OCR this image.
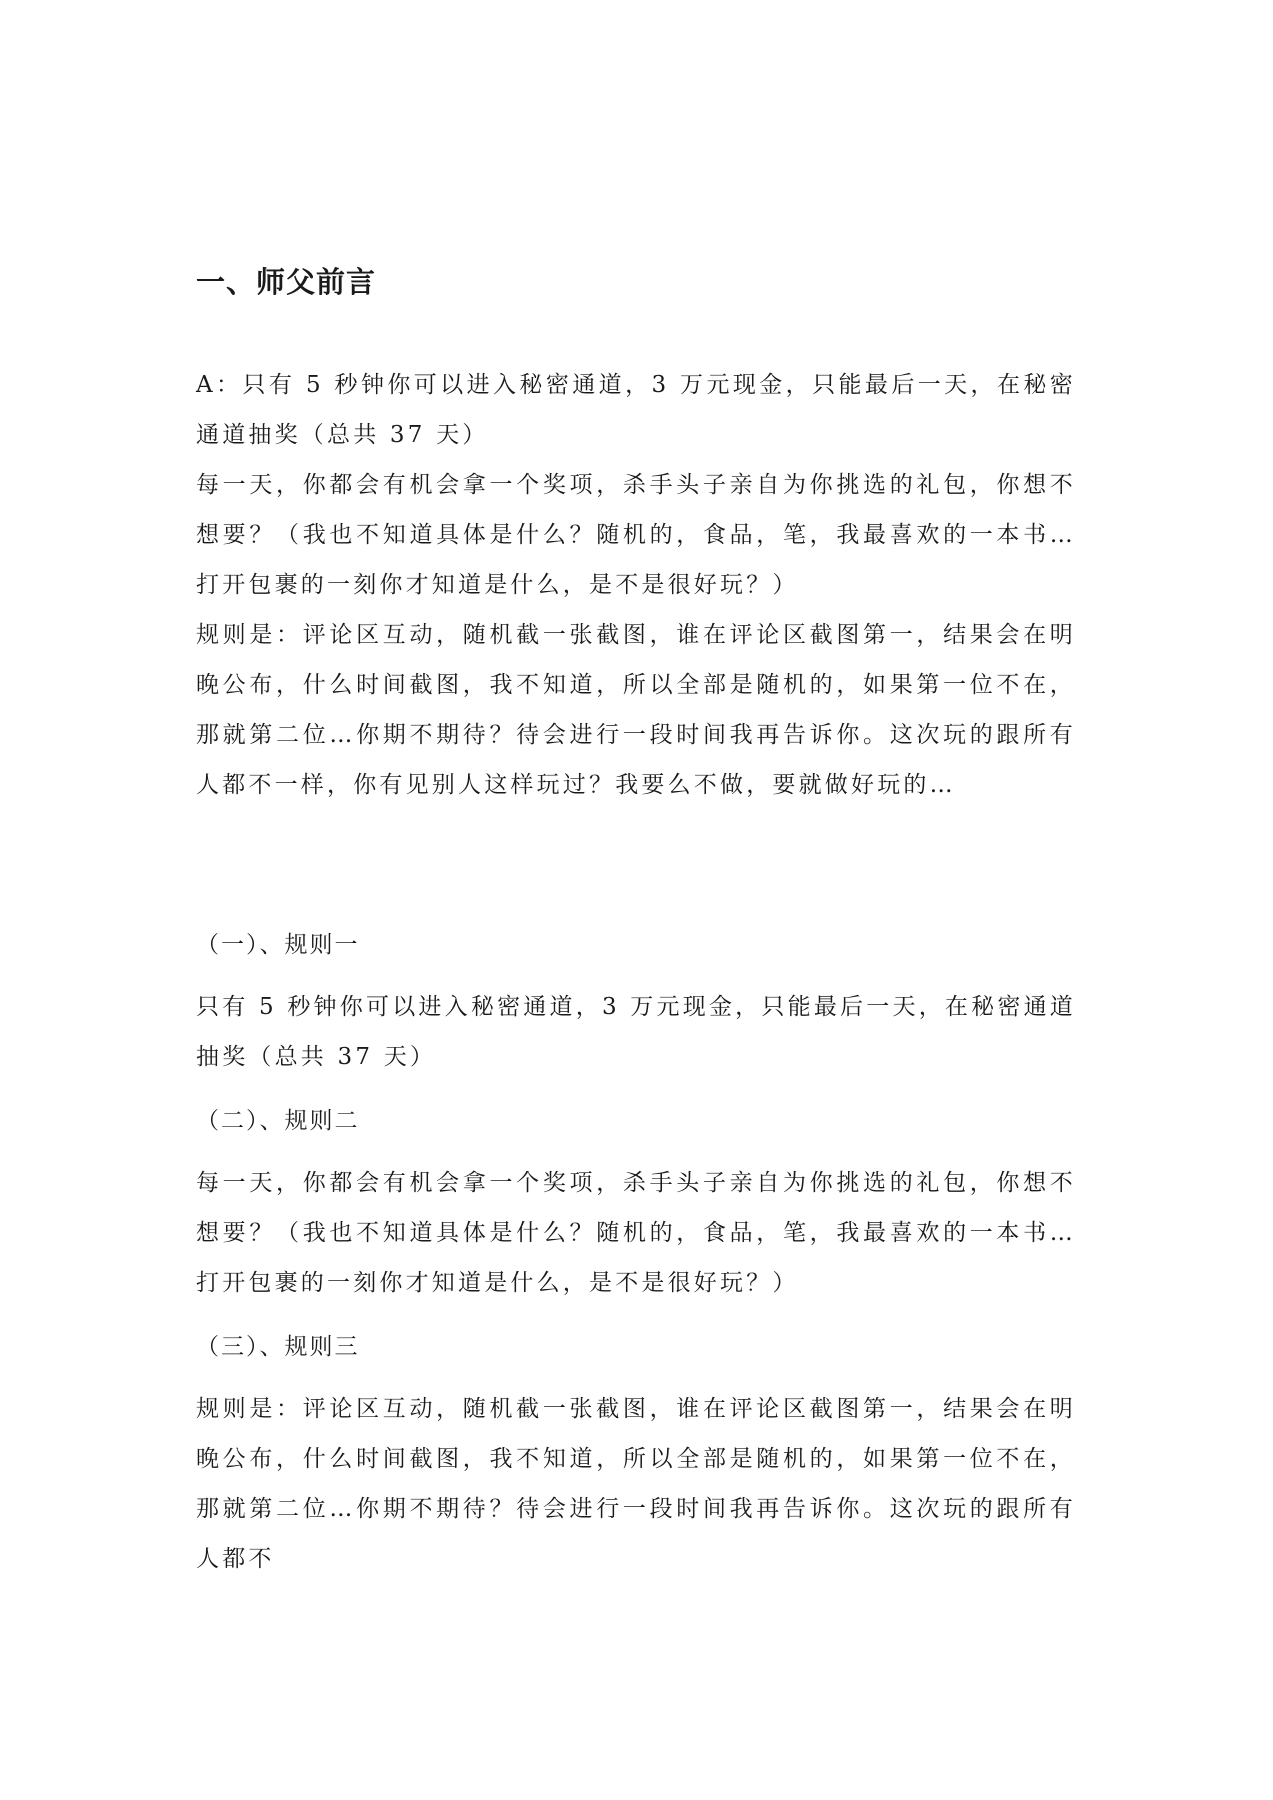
一、师父前言

A：只有 5 秒钟你可以进入秘密通道，3 万元现金，只能最后一天，在秘密通道抽奖（总共 37 天）

每一天，你都会有机会拿一个奖项，杀手头子亲自为你挑选的礼包，你想不想要？（我也不知道具体是什么？随机的，食品，笔，我最喜欢的一本书…打开包裹的一刻你才知道是什么，是不是很好玩？）

规则是：评论区互动，随机截一张截图，谁在评论区截图第一，结果会在明晚公布，什么时间截图，我不知道，所以全部是随机的，如果第一位不在，那就第二位…你期不期待？待会进行一段时间我再告诉你。这次玩的跟所有人都不一样，你有见别人这样玩过？我要么不做，要就做好玩的…

（一）、规则一

只有 5 秒钟你可以进入秘密通道，3 万元现金，只能最后一天，在秘密通道抽奖（总共 37 天）

（二）、规则二

每一天，你都会有机会拿一个奖项，杀手头子亲自为你挑选的礼包，你想不想要？（我也不知道具体是什么？随机的，食品，笔，我最喜欢的一本书…打开包裹的一刻你才知道是什么，是不是很好玩？）

（三）、规则三

规则是：评论区互动，随机截一张截图，谁在评论区截图第一，结果会在明晚公布，什么时间截图，我不知道，所以全部是随机的，如果第一位不在，那就第二位…你期不期待？待会进行一段时间我再告诉你。这次玩的跟所有人都不
